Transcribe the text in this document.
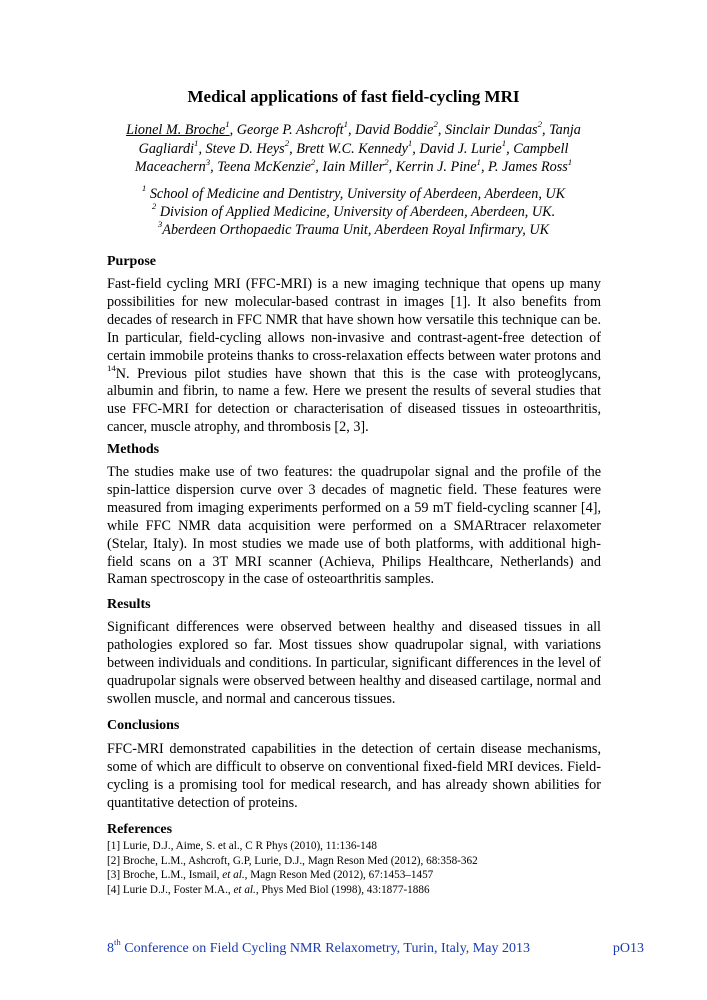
Medical applications of fast field-cycling MRI
Lionel M. Broche$^1$, George P. Ashcroft$^1$, David Boddie$^2$, Sinclair Dundas$^2$, Tanja Gagliardi$^1$, Steve D. Heys$^2$, Brett W.C. Kennedy$^1$, David J. Lurie$^1$, Campbell Maceachern$^3$, Teena McKenzie$^2$, Iain Miller$^2$, Kerrin J. Pine$^1$, P. James Ross$^1$
$^1$ School of Medicine and Dentistry, University of Aberdeen, Aberdeen, UK
$^2$ Division of Applied Medicine, University of Aberdeen, Aberdeen, UK.
$^3$Aberdeen Orthopaedic Trauma Unit, Aberdeen Royal Infirmary, UK
Purpose

Fast-field cycling MRI (FFC-MRI) is a new imaging technique that opens up many possibilities for new molecular-based contrast in images [1]. It also benefits from decades of research in FFC NMR that have shown how versatile this technique can be. In particular, field-cycling allows non-invasive and contrast-agent-free detection of certain immobile proteins thanks to cross-relaxation effects between water protons and $^{14}$N. Previous pilot studies have shown that this is the case with proteoglycans, albumin and fibrin, to name a few. Here we present the results of several studies that use FFC-MRI for detection or characterisation of diseased tissues in osteoarthritis, cancer, muscle atrophy, and thrombosis [2, 3].

Methods

The studies make use of two features: the quadrupolar signal and the profile of the spin-lattice dispersion curve over 3 decades of magnetic field. These features were measured from imaging experiments performed on a 59 mT field-cycling scanner [4], while FFC NMR data acquisition were performed on a SMARtracer relaxometer (Stelar, Italy). In most studies we made use of both platforms, with additional high-field scans on a 3T MRI scanner (Achieva, Philips Healthcare, Netherlands) and Raman spectroscopy in the case of osteoarthritis samples.

Results

Significant differences were observed between healthy and diseased tissues in all pathologies explored so far. Most tissues show quadrupolar signal, with variations between individuals and conditions. In particular, significant differences in the level of quadrupolar signals were observed between healthy and diseased cartilage, normal and swollen muscle, and normal and cancerous tissues.

Conclusions

FFC-MRI demonstrated capabilities in the detection of certain disease mechanisms, some of which are difficult to observe on conventional fixed-field MRI devices. Field-cycling is a promising tool for medical research, and has already shown abilities for quantitative detection of proteins.

References
[1] Lurie, D.J., Aime, S. et al., C R Phys (2010), 11:136-148
[2] Broche, L.M., Ashcroft, G.P, Lurie, D.J., Magn Reson Med (2012), 68:358-362
[3] Broche, L.M., Ismail, et al., Magn Reson Med (2012), 67:1453–1457
[4] Lurie D.J., Foster M.A., et al., Phys Med Biol (1998), 43:1877-1886
8th Conference on Field Cycling NMR Relaxometry, Turin, Italy, May 2013	pO13
